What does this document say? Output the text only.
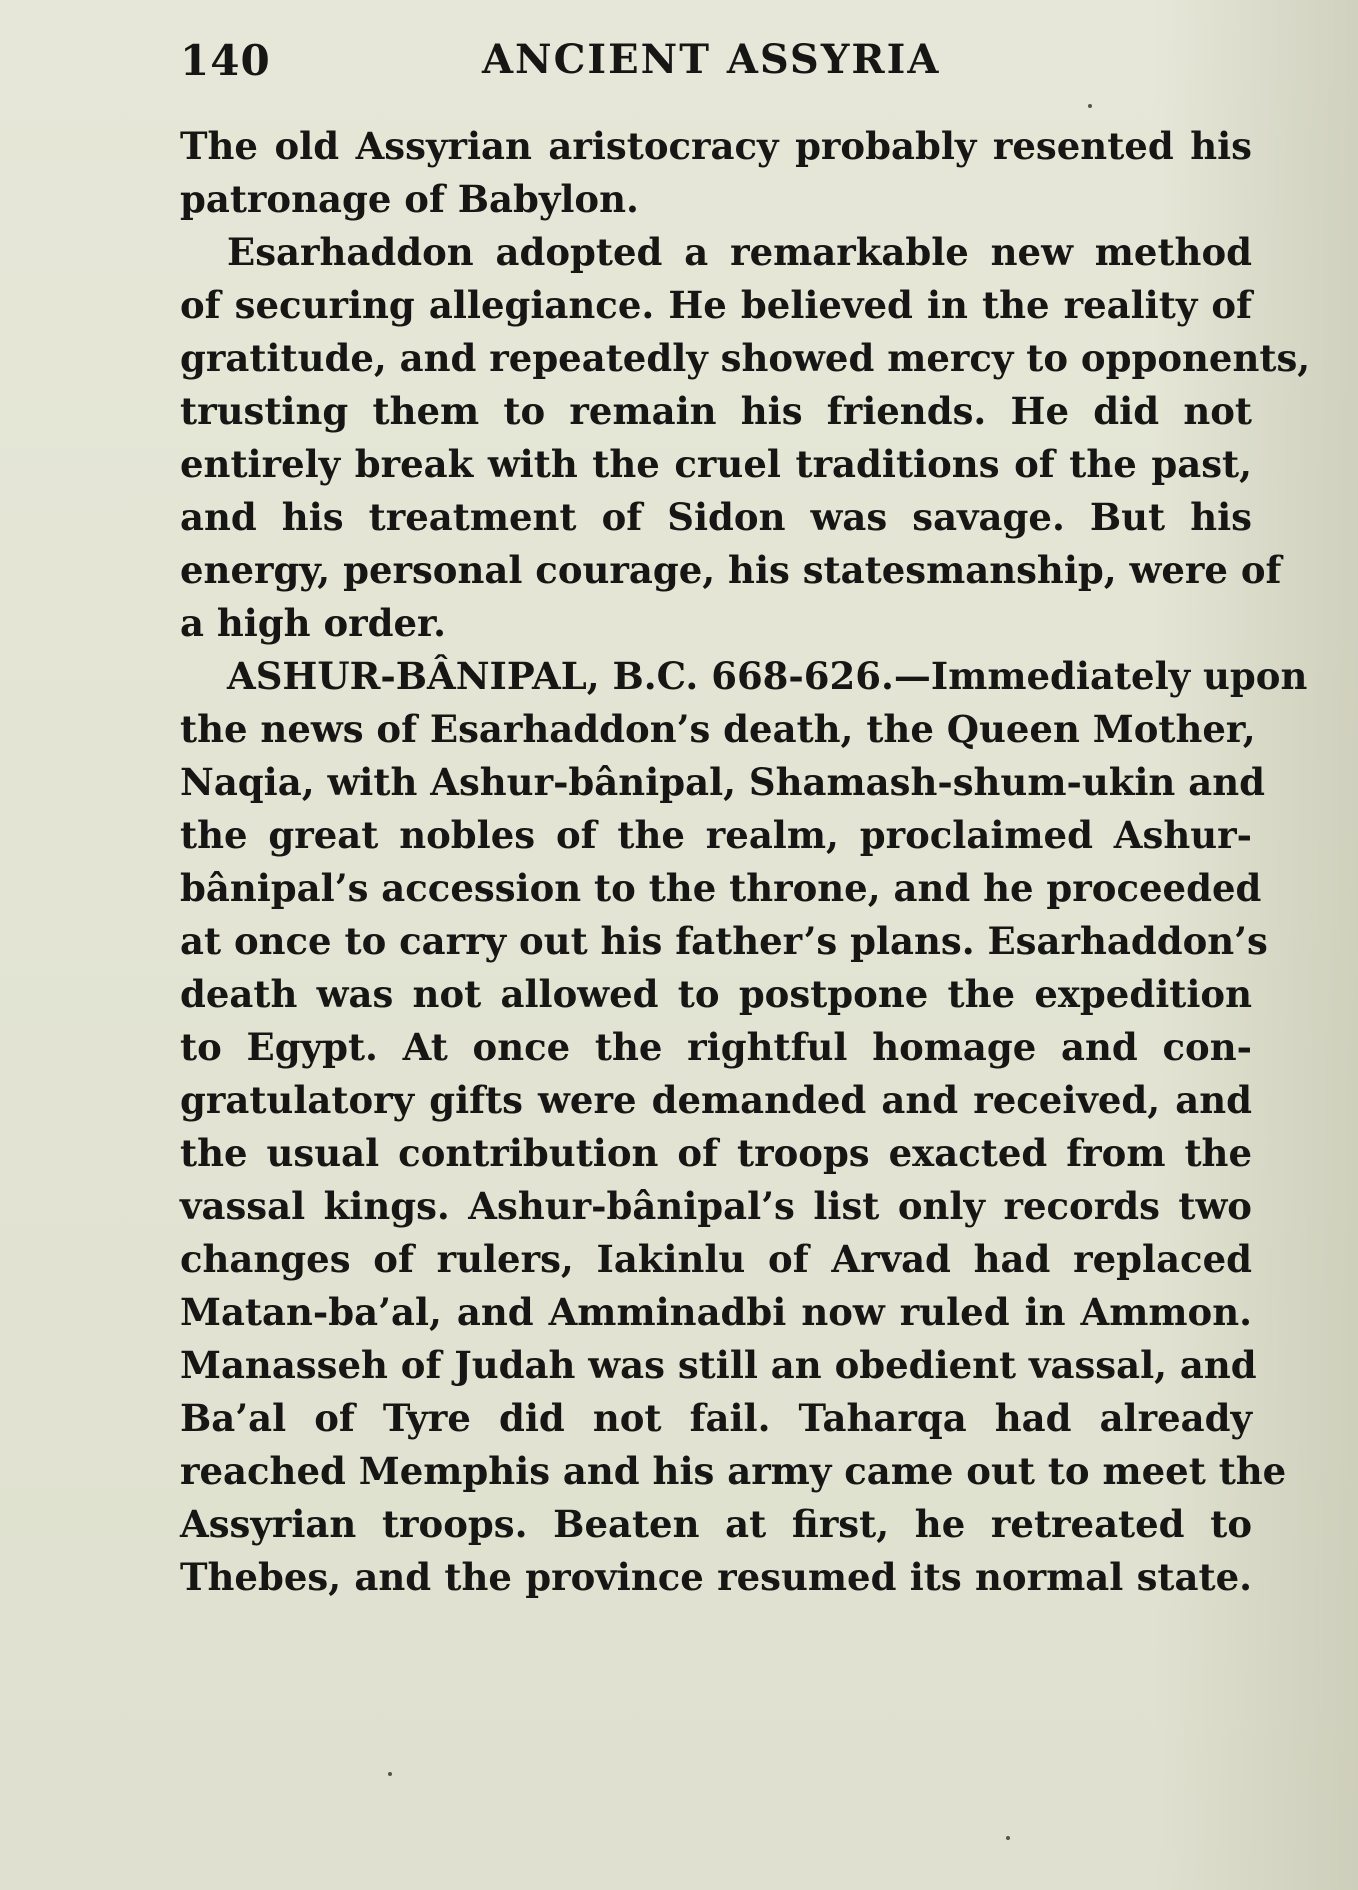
140	ANCIENT ASSYRIA
The old Assyrian aristocracy probably resented his
patronage of Babylon.
Esarhaddon adopted a remarkable new method
of securing allegiance. He believed in the reality of
gratitude, and repeatedly showed mercy to opponents,
trusting them to remain his friends. He did not
entirely break with the cruel traditions of the past,
and his treatment of Sidon was savage. But his
energy, personal courage, his statesmanship, were of
a high order.
ASHUR-BÂNIPAL, B.C. 668-626.—Immediately upon
the news of Esarhaddon’s death, the Queen Mother,
Naqia, with Ashur-bânipal, Shamash-shum-ukin and
the great nobles of the realm, proclaimed Ashur-
bânipal’s accession to the throne, and he proceeded
at once to carry out his father’s plans. Esarhaddon’s
death was not allowed to postpone the expedition
to Egypt. At once the rightful homage and con-
gratulatory gifts were demanded and received, and
the usual contribution of troops exacted from the
vassal kings. Ashur-bânipal’s list only records two
changes of rulers, Iakinlu of Arvad had replaced
Matan-ba’al, and Amminadbi now ruled in Ammon.
Manasseh of Judah was still an obedient vassal, and
Ba’al of Tyre did not fail. Taharqa had already
reached Memphis and his army came out to meet the
Assyrian troops. Beaten at first, he retreated to
Thebes, and the province resumed its normal state.
